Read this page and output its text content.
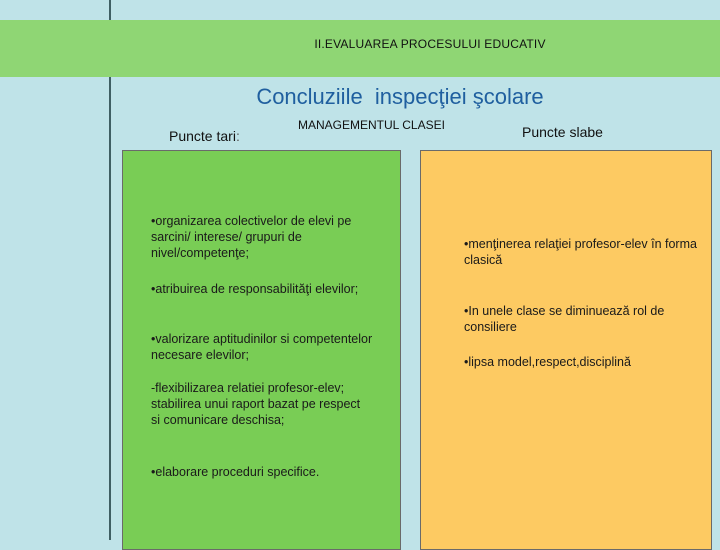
II.EVALUAREA PROCESULUI EDUCATIV
Concluziile  inspecţiei şcolare
Puncte tari:
MANAGEMENTUL CLASEI	Puncte slabe
•organizarea colectivelor de elevi pe sarcini/ interese/ grupuri de nivel/competenţe;
•atribuirea de responsabilităţi elevilor;
•valorizare aptitudinilor si competentelor necesare elevilor;
-flexibilizarea relatiei profesor-elev; stabilirea unui raport bazat pe respect si comunicare deschisa;
•elaborare proceduri specifice.
•menţinerea relaţiei profesor-elev în forma clasică
•In unele clase se diminuează rol de consiliere
•lipsa model,respect,disciplină
